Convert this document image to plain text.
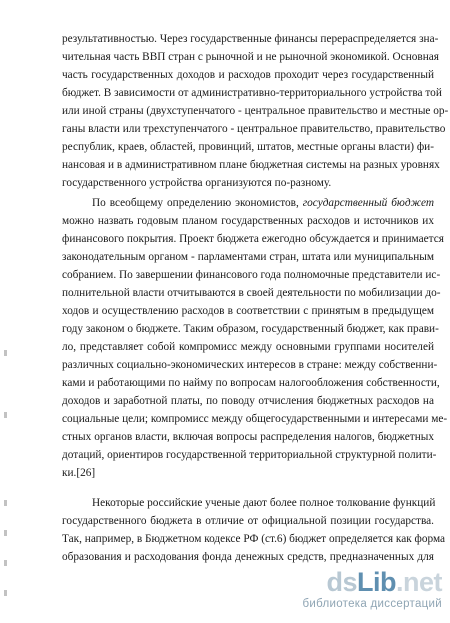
результативностью. Через государственные финансы перераспределяется зна-
чительная часть ВВП стран с рыночной и не рыночной экономикой. Основная
часть государственных доходов и расходов проходит через государственный
бюджет. В зависимости от административно-территориального устройства той
или иной страны (двухступенчатого - центральное правительство и местные ор-
ганы власти или трехступенчатого - центральное правительство, правительство
республик, краев, областей, провинций, штатов, местные органы власти) фи-
нансовая и в административном плане бюджетная системы на разных уровнях
государственного устройства организуются по-разному.
По всеобщему определению экономистов, государственный бюджет
можно назвать годовым планом государственных расходов и источников их
финансового покрытия. Проект бюджета ежегодно обсуждается и принимается
законодательным органом - парламентами стран, штата или муниципальным
собранием. По завершении финансового года полномочные представители ис-
полнительной власти отчитываются в своей деятельности по мобилизации до-
ходов и осуществлению расходов в соответствии с принятым в предыдущем
году законом о бюджете. Таким образом, государственный бюджет, как прави-
ло, представляет собой компромисс между основными группами носителей
различных социально-экономических интересов в стране: между собственни-
ками и работающими по найму по вопросам налогообложения собственности,
доходов и заработной платы, по поводу отчисления бюджетных расходов на
социальные цели; компромисс между общегосударственными и интересами ме-
стных органов власти, включая вопросы распределения налогов, бюджетных
дотаций, ориентиров государственной территориальной структурной полити-
ки.[26]
Некоторые российские ученые дают более полное толкование функций
государственного бюджета в отличие от официальной позиции государства.
Так, например, в Бюджетном кодексе РФ (ст.6) бюджет определяется как форма
образования и расходования фонда денежных средств, предназначенных для
dsLib.net
библиотека диссертаций
